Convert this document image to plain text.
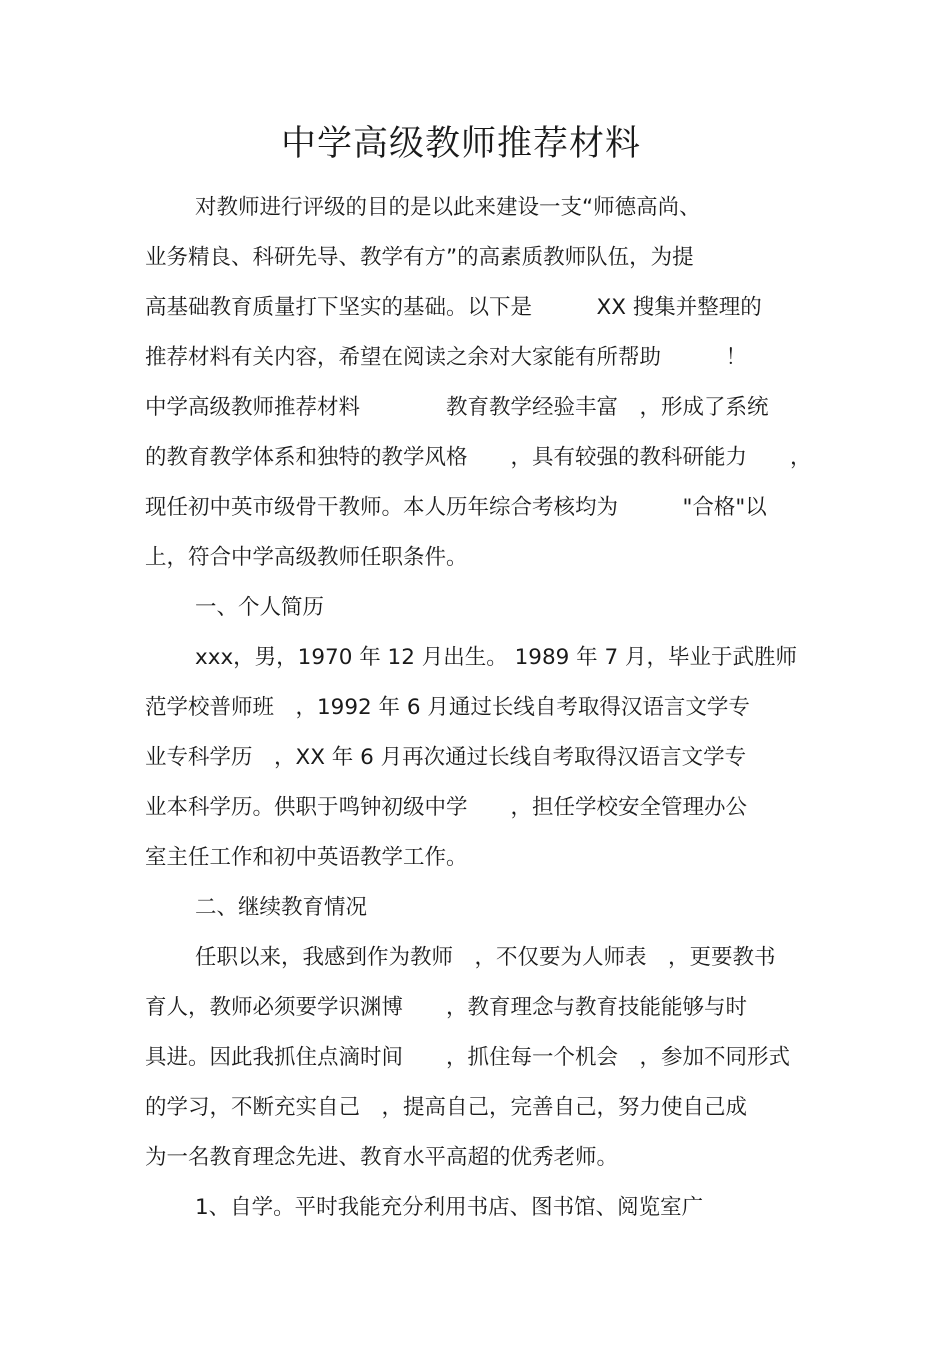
中学高级教师推荐材料

对教师进行评级的目的是以此来建设一支“师德高尚、

业务精良、科研先导、教学有方”的高素质教师队伍，为提

高基础教育质量打下坚实的基础。以下是　　　XX 搜集并整理的

推荐材料有关内容，希望在阅读之余对大家能有所帮助　　　！

中学高级教师推荐材料　　　　教育教学经验丰富　，形成了系统

的教育教学体系和独特的教学风格　　，具有较强的教科研能力　　，

现任初中英市级骨干教师。本人历年综合考核均为　　　"合格"以

上，符合中学高级教师任职条件。

一、个人简历

xxx，男，1970 年 12 月出生。 1989 年 7 月，毕业于武胜师

范学校普师班　，1992 年 6 月通过长线自考取得汉语言文学专

业专科学历　，XX 年 6 月再次通过长线自考取得汉语言文学专

业本科学历。供职于鸣钟初级中学　　，担任学校安全管理办公

室主任工作和初中英语教学工作。

二、继续教育情况

任职以来，我感到作为教师　，不仅要为人师表　，更要教书

育人，教师必须要学识渊博　　，教育理念与教育技能能够与时

具进。因此我抓住点滴时间　　，抓住每一个机会　，参加不同形式

的学习，不断充实自己　，提高自己，完善自己，努力使自己成

为一名教育理念先进、教育水平高超的优秀老师。

1、自学。平时我能充分利用书店、图书馆、阅览室广
